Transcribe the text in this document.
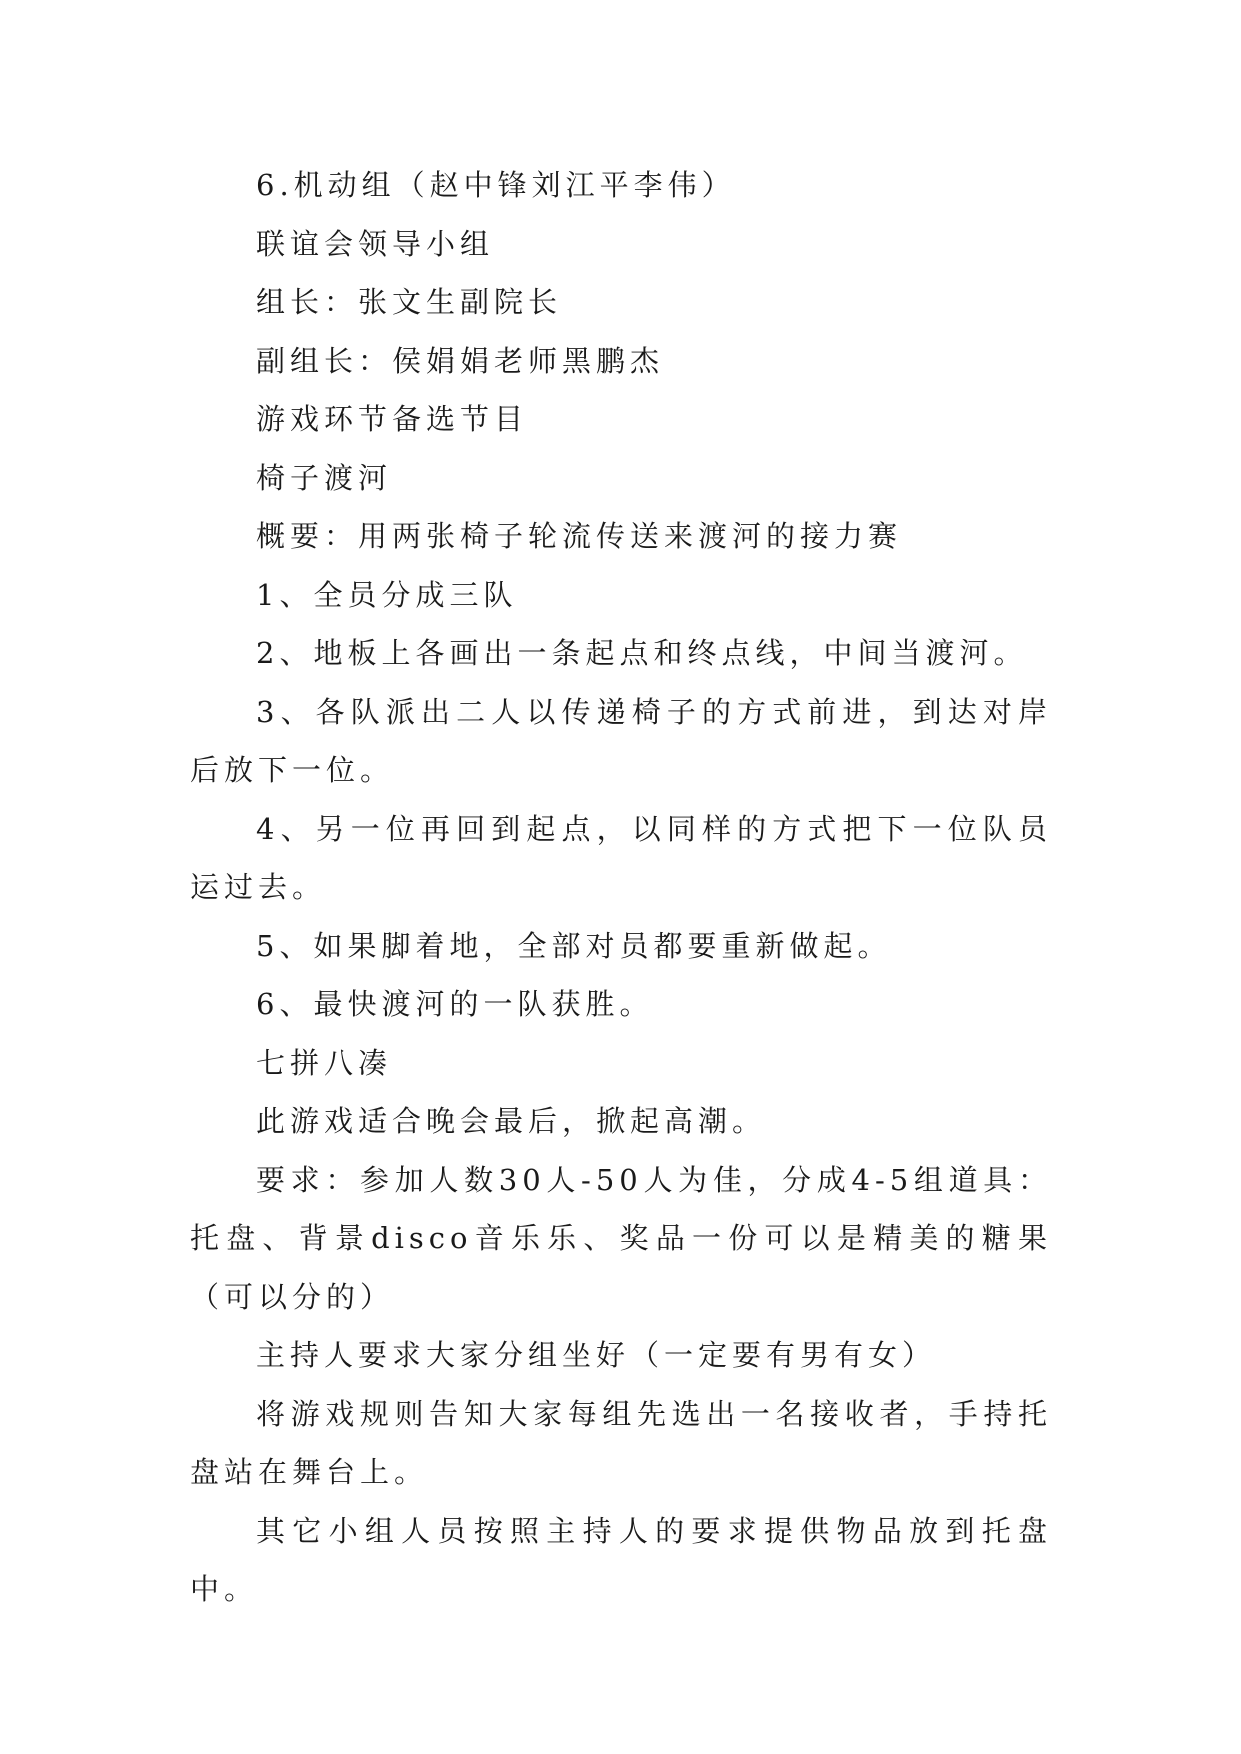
6.机动组（赵中锋刘江平李伟）

联谊会领导小组

组长：张文生副院长

副组长：侯娟娟老师黑鹏杰

游戏环节备选节目

椅子渡河

概要：用两张椅子轮流传送来渡河的接力赛

1、全员分成三队

2、地板上各画出一条起点和终点线，中间当渡河。

3、各队派出二人以传递椅子的方式前进，到达对岸后放下一位。

4、另一位再回到起点，以同样的方式把下一位队员运过去。

5、如果脚着地，全部对员都要重新做起。

6、最快渡河的一队获胜。

七拼八凑

此游戏适合晚会最后，掀起高潮。

要求：参加人数30人-50人为佳，分成4-5组道具：托盘、背景disco音乐乐、奖品一份可以是精美的糖果（可以分的）

主持人要求大家分组坐好（一定要有男有女）

将游戏规则告知大家每组先选出一名接收者，手持托盘站在舞台上。

其它小组人员按照主持人的要求提供物品放到托盘中。
